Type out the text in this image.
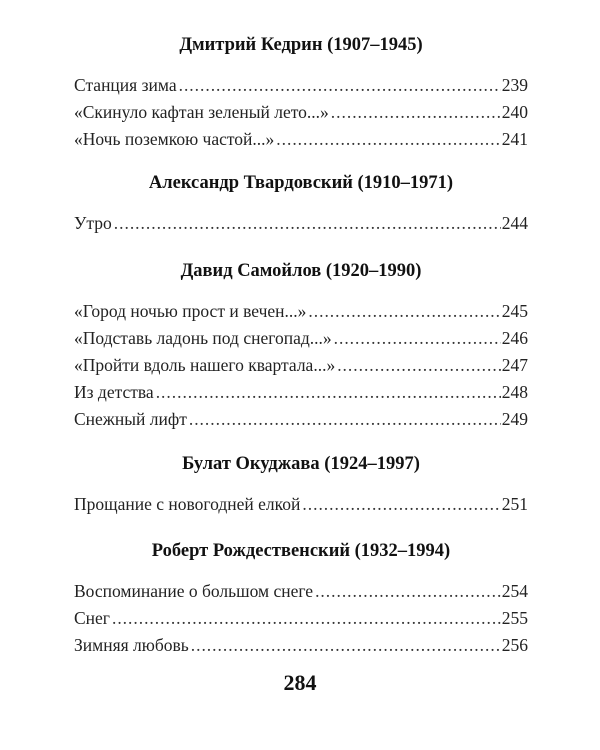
Дмитрий Кедрин (1907–1945)
Станция зима . . .	239
«Скинуло кафтан зеленый лето...» . . .	240
«Ночь поземкою частой...» . . .	241
Александр Твардовский (1910–1971)
Утро . . .	244
Давид Самойлов (1920–1990)
«Город ночью прост и вечен...» . . .	245
«Подставь ладонь под снегопад...» . . .	246
«Пройти вдоль нашего квартала...» . . .	247
Из детства . . .	248
Снежный лифт . . .	249
Булат Окуджава (1924–1997)
Прощание с новогодней елкой . . .	251
Роберт Рождественский (1932–1994)
Воспоминание о большом снеге . . .	254
Снег . . .	255
Зимняя любовь . . .	256
284
